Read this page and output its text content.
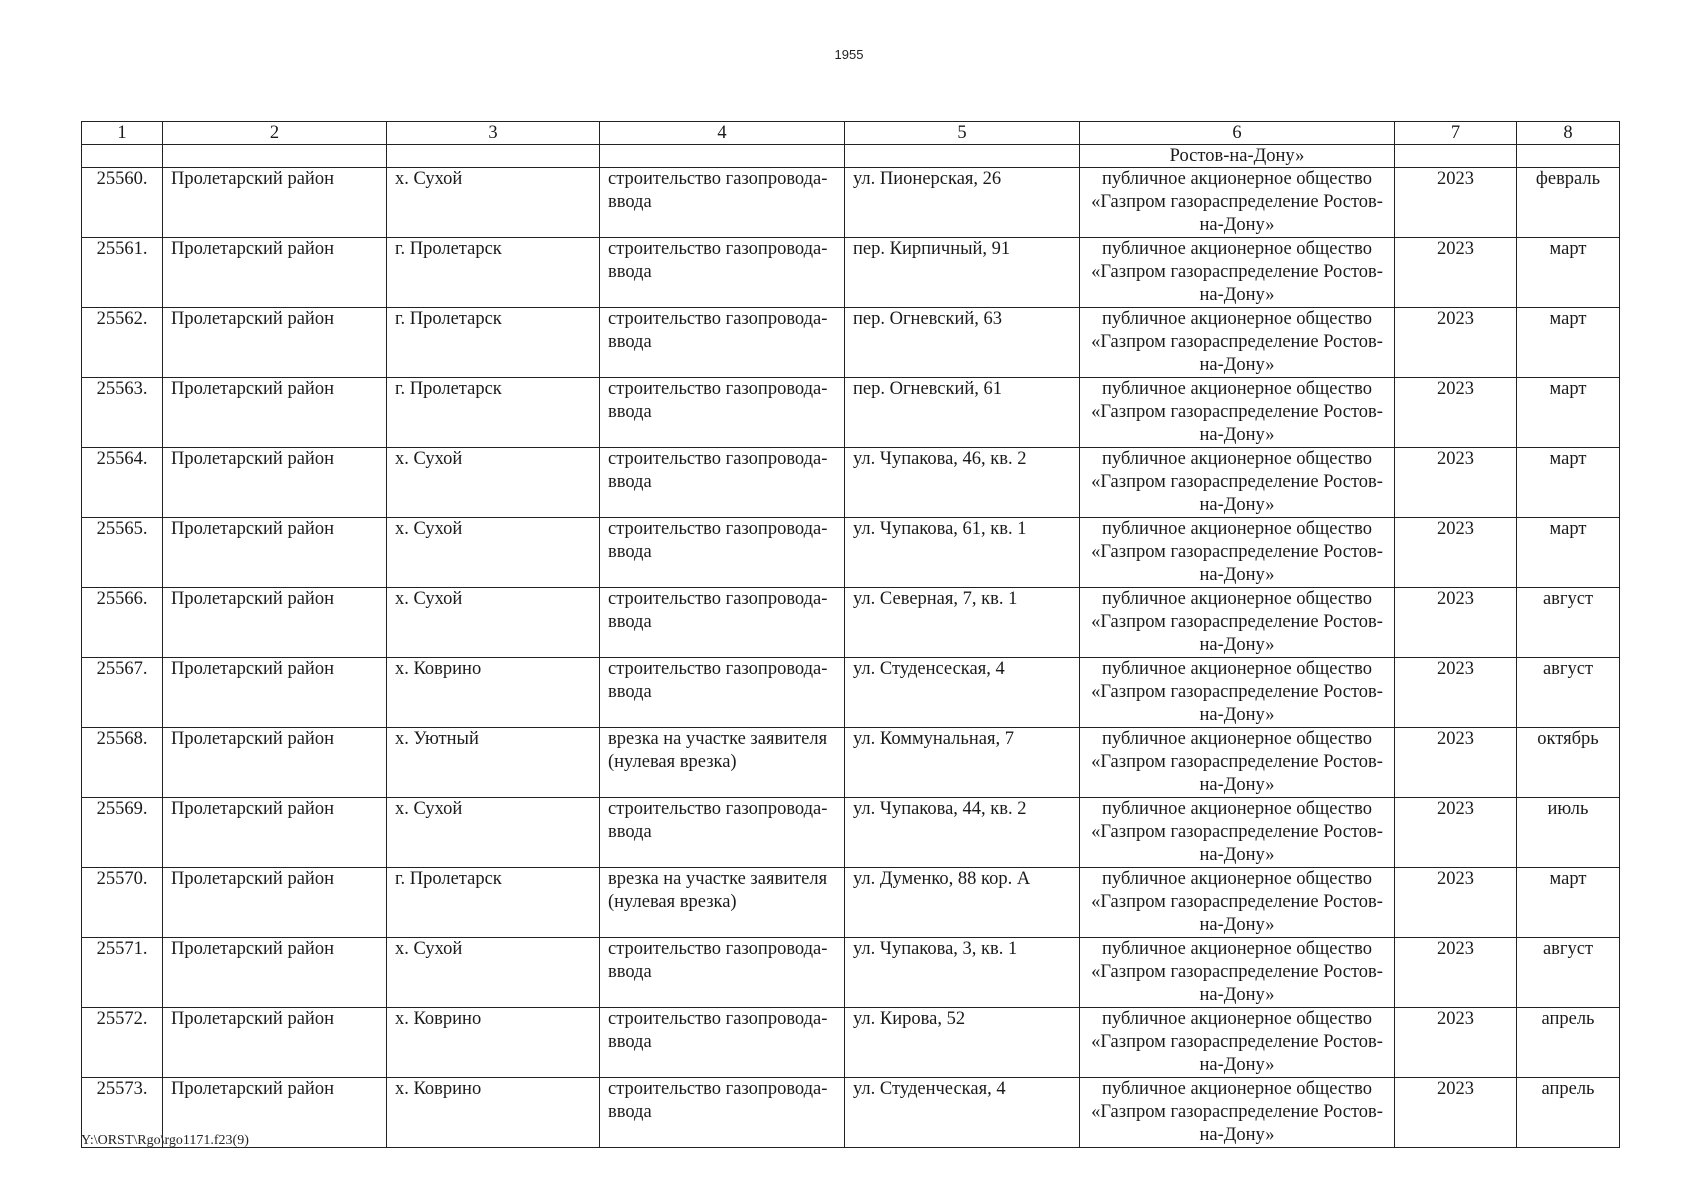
1955
1	2	3	4	5	6	7	8
					Ростов-на-Дону»		
25560.	Пролетарский район	х. Сухой	строительство газопровода-ввода	ул. Пионерская, 26	публичное акционерное общество «Газпром газораспределение Ростов-на-Дону»	2023	февраль
25561.	Пролетарский район	г. Пролетарск	строительство газопровода-ввода	пер. Кирпичный, 91	публичное акционерное общество «Газпром газораспределение Ростов-на-Дону»	2023	март
25562.	Пролетарский район	г. Пролетарск	строительство газопровода-ввода	пер. Огневский, 63	публичное акционерное общество «Газпром газораспределение Ростов-на-Дону»	2023	март
25563.	Пролетарский район	г. Пролетарск	строительство газопровода-ввода	пер. Огневский, 61	публичное акционерное общество «Газпром газораспределение Ростов-на-Дону»	2023	март
25564.	Пролетарский район	х. Сухой	строительство газопровода-ввода	ул. Чупакова, 46, кв. 2	публичное акционерное общество «Газпром газораспределение Ростов-на-Дону»	2023	март
25565.	Пролетарский район	х. Сухой	строительство газопровода-ввода	ул. Чупакова, 61, кв. 1	публичное акционерное общество «Газпром газораспределение Ростов-на-Дону»	2023	март
25566.	Пролетарский район	х. Сухой	строительство газопровода-ввода	ул. Северная, 7, кв. 1	публичное акционерное общество «Газпром газораспределение Ростов-на-Дону»	2023	август
25567.	Пролетарский район	х. Коврино	строительство газопровода-ввода	ул. Студенсеская, 4	публичное акционерное общество «Газпром газораспределение Ростов-на-Дону»	2023	август
25568.	Пролетарский район	х. Уютный	врезка на участке заявителя (нулевая врезка)	ул. Коммунальная, 7	публичное акционерное общество «Газпром газораспределение Ростов-на-Дону»	2023	октябрь
25569.	Пролетарский район	х. Сухой	строительство газопровода-ввода	ул. Чупакова, 44, кв. 2	публичное акционерное общество «Газпром газораспределение Ростов-на-Дону»	2023	июль
25570.	Пролетарский район	г. Пролетарск	врезка на участке заявителя (нулевая врезка)	ул. Думенко, 88 кор. А	публичное акционерное общество «Газпром газораспределение Ростов-на-Дону»	2023	март
25571.	Пролетарский район	х. Сухой	строительство газопровода-ввода	ул. Чупакова, 3, кв. 1	публичное акционерное общество «Газпром газораспределение Ростов-на-Дону»	2023	август
25572.	Пролетарский район	х. Коврино	строительство газопровода-ввода	ул. Кирова, 52	публичное акционерное общество «Газпром газораспределение Ростов-на-Дону»	2023	апрель
25573.	Пролетарский район	х. Коврино	строительство газопровода-ввода	ул. Студенческая, 4	публичное акционерное общество «Газпром газораспределение Ростов-на-Дону»	2023	апрель
Y:\ORST\Rgo\rgo1171.f23(9)
